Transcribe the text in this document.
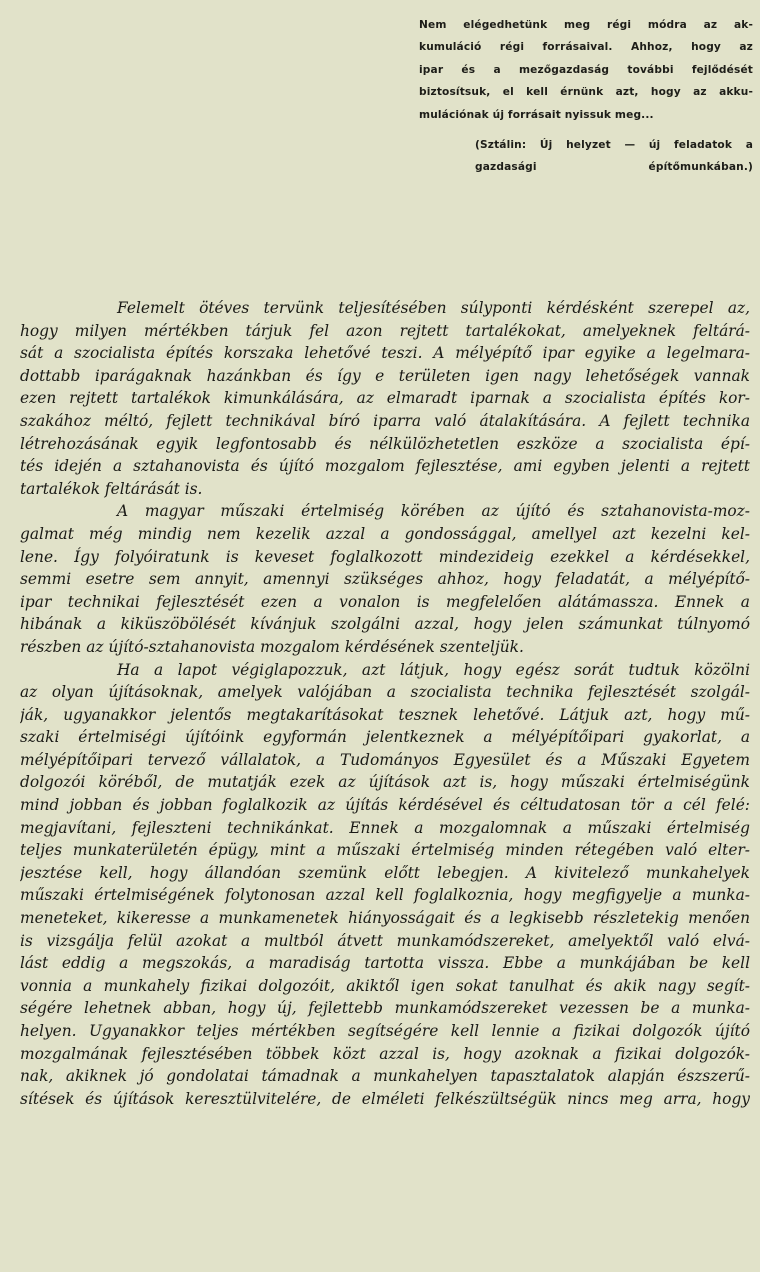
Nem elégedhetünk meg régi módra az ak-
kumuláció régi forrásaival. Ahhoz, hogy az
ipar és a mezőgazdaság további fejlődését
biztosítsuk, el kell érnünk azt, hogy az akku-
mulációnak új forrásait nyissuk meg...
(Sztálin: Új helyzet — új feladatok a
gazdasági építőmunkában.)
Felemelt ötéves tervünk teljesítésében súlyponti kérdésként szerepel az,
hogy milyen mértékben tárjuk fel azon rejtett tartalékokat, amelyeknek feltárá-
sát a szocialista építés korszaka lehetővé teszi. A mélyépítő ipar egyike a legelmara-
dottabb iparágaknak hazánkban és így e területen igen nagy lehetőségek vannak
ezen rejtett tartalékok kimunkálására, az elmaradt iparnak a szocialista építés kor-
szakához méltó, fejlett technikával bíró iparra való átalakítására. A fejlett technika
létrehozásának egyik legfontosabb és nélkülözhetetlen eszköze a szocialista épí-
tés idején a sztahanovista és újító mozgalom fejlesztése, ami egyben jelenti a rejtett
tartalékok feltárását is.
A magyar műszaki értelmiség körében az újító és sztahanovista-moz-
galmat még mindig nem kezelik azzal a gondossággal, amellyel azt kezelni kel-
lene. Így folyóiratunk is keveset foglalkozott mindezideig ezekkel a kérdésekkel,
semmi esetre sem annyit, amennyi szükséges ahhoz, hogy feladatát, a mélyépítő-
ipar technikai fejlesztését ezen a vonalon is megfelelően alátámassza. Ennek a
hibának a kiküszöbölését kívánjuk szolgálni azzal, hogy jelen számunkat túlnyomó
részben az újító-sztahanovista mozgalom kérdésének szenteljük.
Ha a lapot végiglapozzuk, azt látjuk, hogy egész sorát tudtuk közölni
az olyan újításoknak, amelyek valójában a szocialista technika fejlesztését szolgál-
ják, ugyanakkor jelentős megtakarításokat tesznek lehetővé. Látjuk azt, hogy mű-
szaki értelmiségi újítóink egyformán jelentkeznek a mélyépítőipari gyakorlat, a
mélyépítőipari tervező vállalatok, a Tudományos Egyesület és a Műszaki Egyetem
dolgozói köréből, de mutatják ezek az újítások azt is, hogy műszaki értelmiségünk
mind jobban és jobban foglalkozik az újítás kérdésével és céltudatosan tör a cél felé:
megjavítani, fejleszteni technikánkat. Ennek a mozgalomnak a műszaki értelmiség
teljes munkaterületén épügy, mint a műszaki értelmiség minden rétegében való elter-
jesztése kell, hogy állandóan szemünk előtt lebegjen. A kivitelező munkahelyek
műszaki értelmiségének folytonosan azzal kell foglalkoznia, hogy megfigyelje a munka-
meneteket, kikeresse a munkamenetek hiányosságait és a legkisebb részletekig menően
is vizsgálja felül azokat a multból átvett munkamódszereket, amelyektől való elvá-
lást eddig a megszokás, a maradiság tartotta vissza. Ebbe a munkájában be kell
vonnia a munkahely fizikai dolgozóit, akiktől igen sokat tanulhat és akik nagy segít-
ségére lehetnek abban, hogy új, fejlettebb munkamódszereket vezessen be a munka-
helyen. Ugyanakkor teljes mértékben segítségére kell lennie a fizikai dolgozók újító
mozgalmának fejlesztésében többek közt azzal is, hogy azoknak a fizikai dolgozók-
nak, akiknek jó gondolatai támadnak a munkahelyen tapasztalatok alapján észszerű-
sítések és újítások keresztülvitelére, de elméleti felkészültségük nincs meg arra, hogy
